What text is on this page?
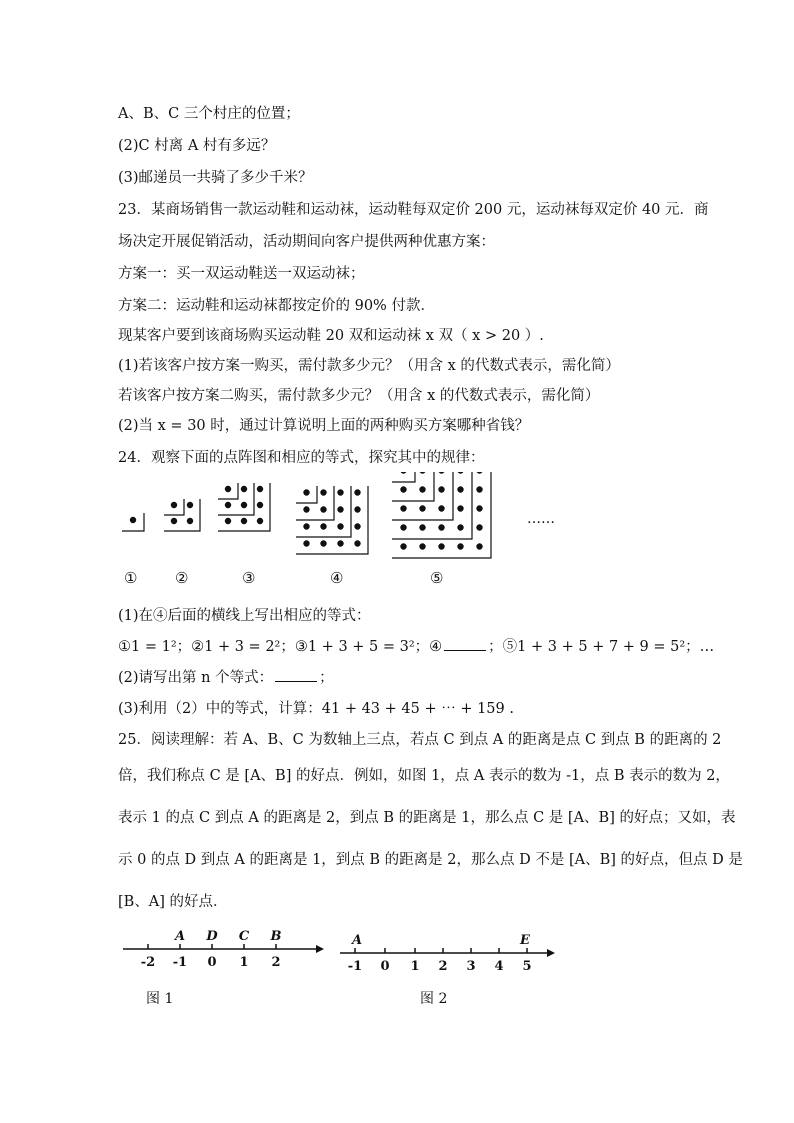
A、B、C 三个村庄的位置；
(2)C 村离 A 村有多远？
(3)邮递员一共骑了多少千米？
23．某商场销售一款运动鞋和运动袜，运动鞋每双定价 200 元，运动袜每双定价 40 元．商
场决定开展促销活动，活动期间向客户提供两种优惠方案：
方案一：买一双运动鞋送一双运动袜；
方案二：运动鞋和运动袜都按定价的 90% 付款．
现某客户要到该商场购买运动鞋 20 双和运动袜 x 双（ x > 20 ）.
(1)若该客户按方案一购买，需付款多少元？（用含 x 的代数式表示，需化简）
若该客户按方案二购买，需付款多少元？（用含 x 的代数式表示，需化简）
(2)当 x = 30 时，通过计算说明上面的两种购买方案哪种省钱？
24．观察下面的点阵图和相应的等式，探究其中的规律：
……
①	②	③	④	⑤
(1)在④后面的横线上写出相应的等式：
①1 = 1²；②1 + 3 = 2²；③1 + 3 + 5 = 3²；④	；⑤1 + 3 + 5 + 7 + 9 = 5²；…
(2)请写出第 n 个等式：	；
(3)利用（2）中的等式，计算：41 + 43 + 45 + ⋯ + 159 .
25．阅读理解：若 A、B、C 为数轴上三点，若点 C 到点 A 的距离是点 C 到点 B 的距离的 2
倍，我们称点 C 是 [A、B] 的好点．例如，如图 1，点 A 表示的数为 -1，点 B 表示的数为 2，
表示 1 的点 C 到点 A 的距离是 2，到点 B 的距离是 1，那么点 C 是 [A、B] 的好点；又如，表
示 0 的点 D 到点 A 的距离是 1，到点 B 的距离是 2，那么点 D 不是 [A、B] 的好点，但点 D 是
[B、A] 的好点．
-2 -1 0 1 2
A D C B
图 1
-1 0 1 2 3 4 5
A	E
图 2
